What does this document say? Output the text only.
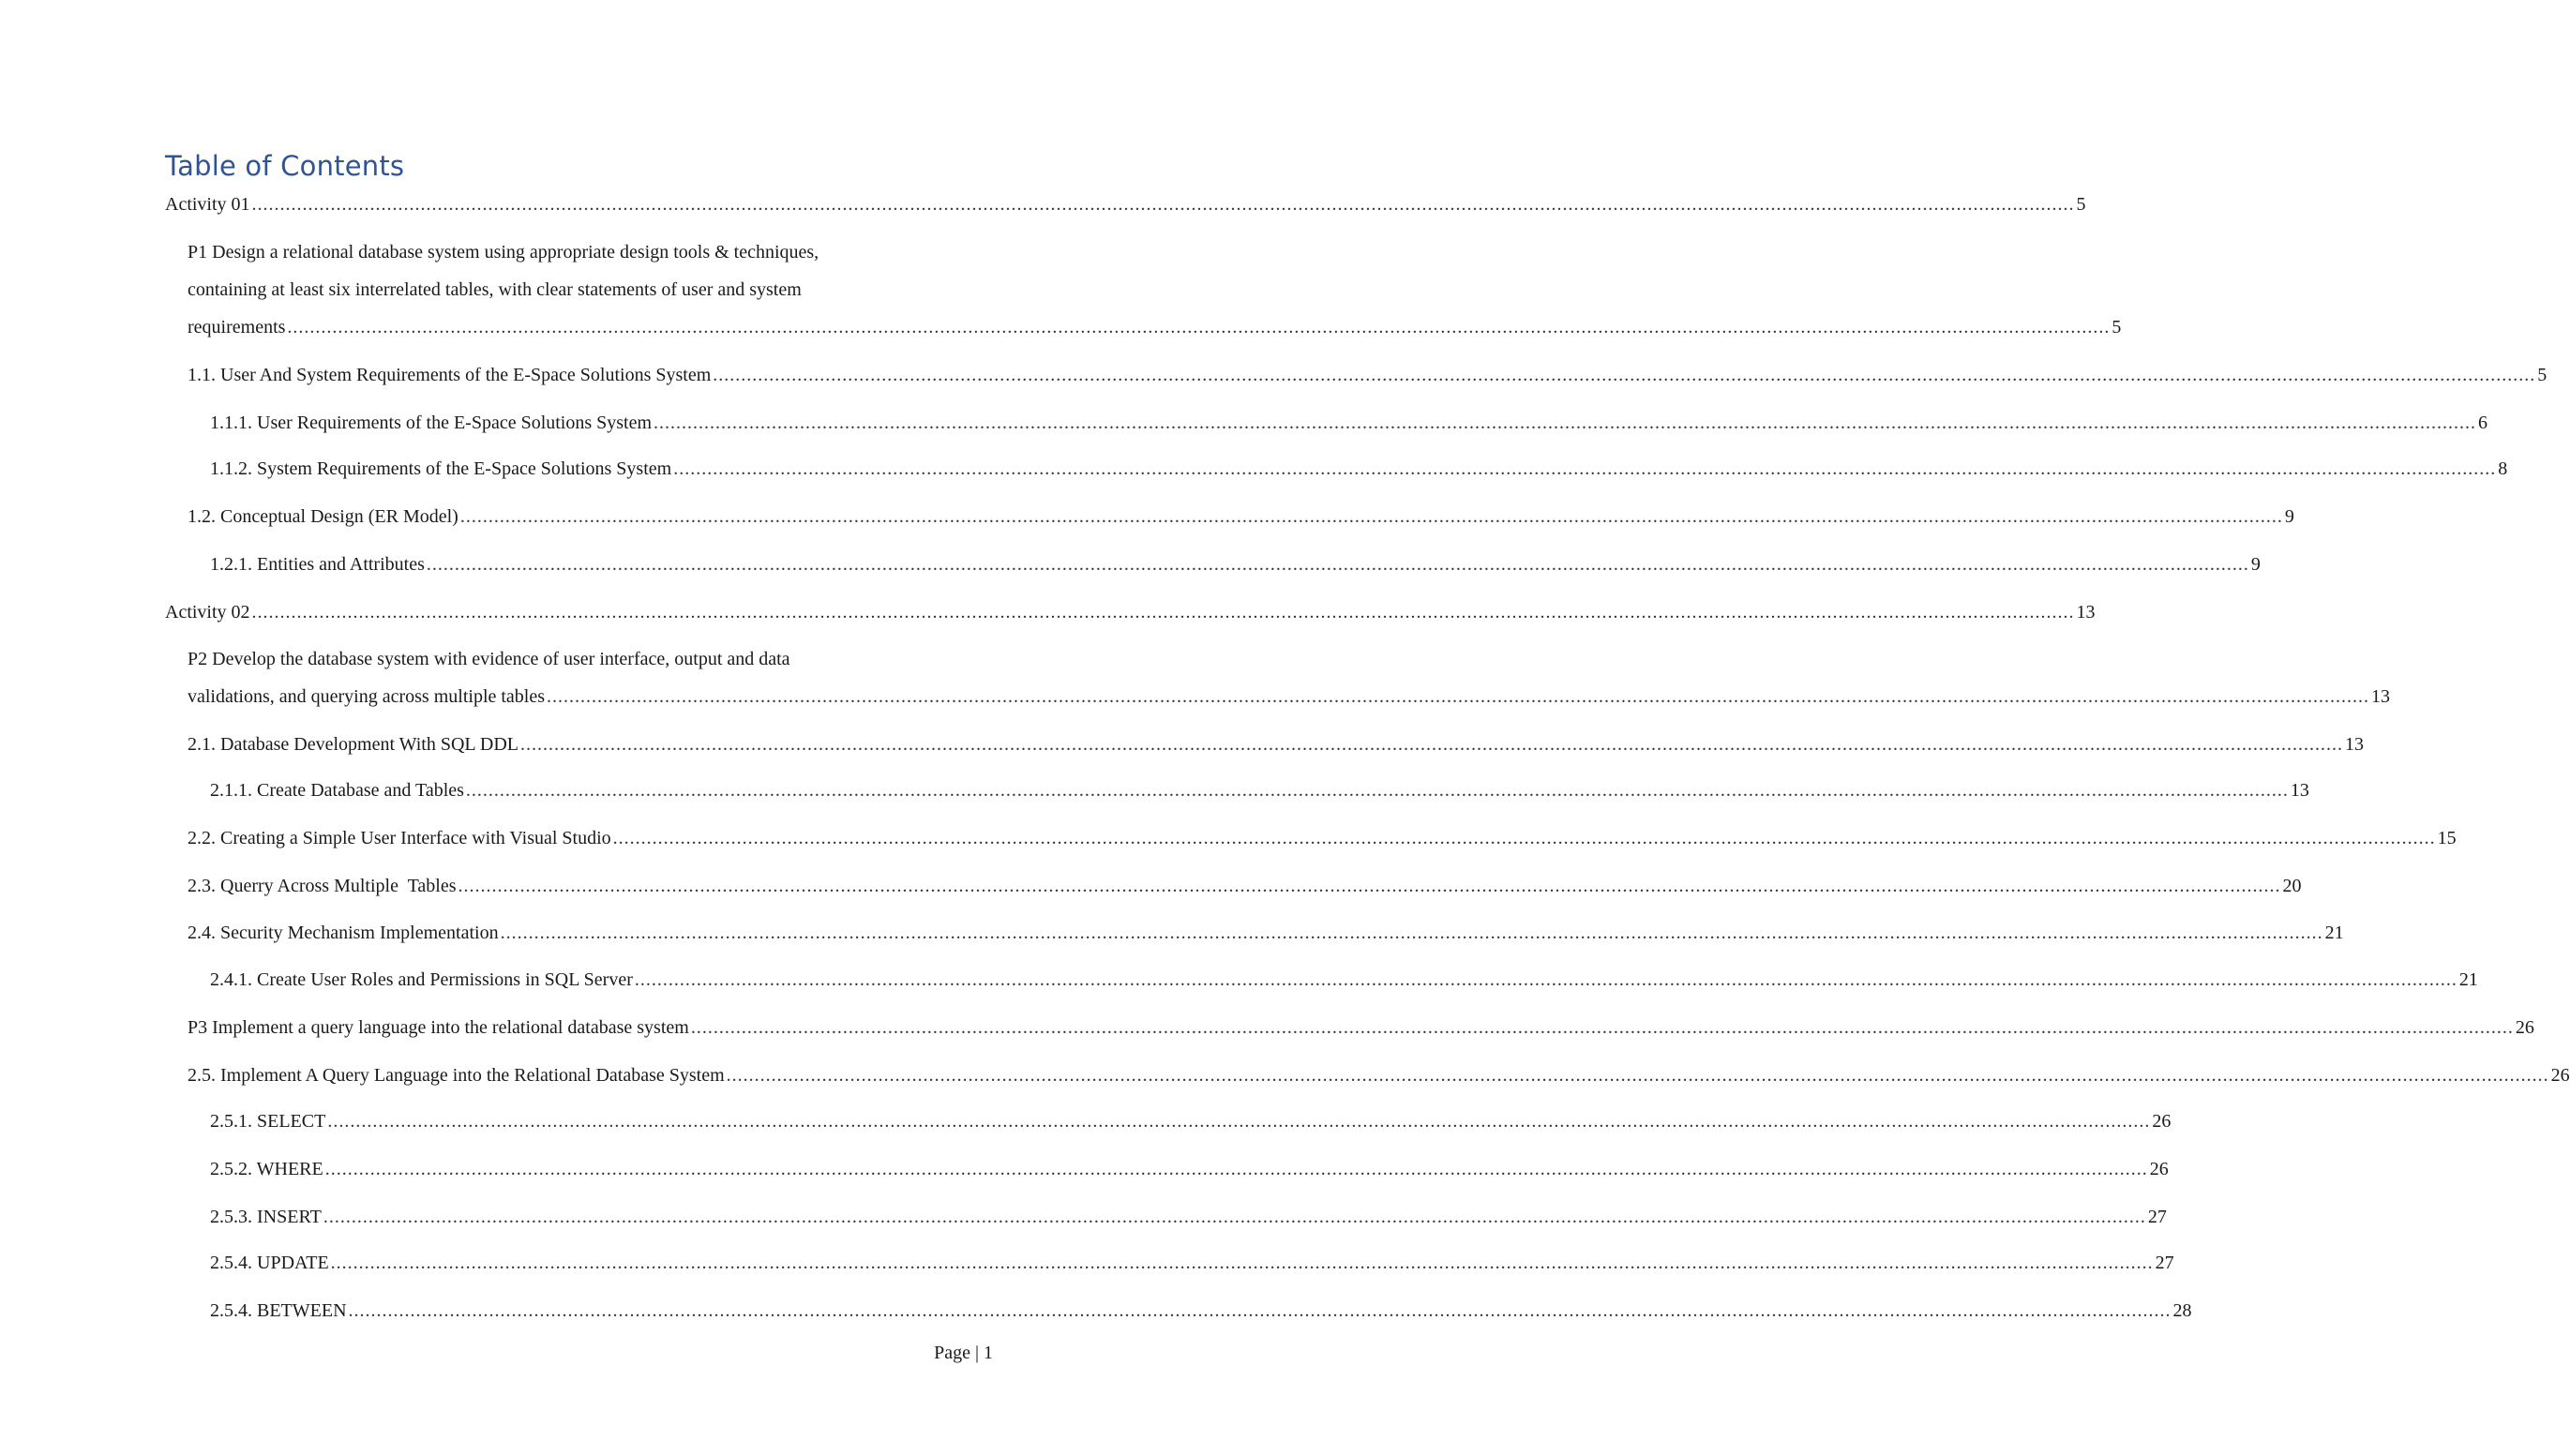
Table of Contents
Activity 01 .....	5
P1 Design a relational database system using appropriate design tools & techniques,
containing at least six interrelated tables, with clear statements of user and system
requirements .....	5
1.1. User And System Requirements of the E-Space Solutions System .....	5
1.1.1. User Requirements of the E-Space Solutions System .....	6
1.1.2. System Requirements of the E-Space Solutions System .....	8
1.2. Conceptual Design (ER Model) .....	9
1.2.1. Entities and Attributes .....	9
Activity 02 .....	13
P2 Develop the database system with evidence of user interface, output and data
validations, and querying across multiple tables .....	13
2.1. Database Development With SQL DDL .....	13
2.1.1. Create Database and Tables .....	13
2.2. Creating a Simple User Interface with Visual Studio .....	15
2.3. Querry Across Multiple  Tables .....	20
2.4. Security Mechanism Implementation .....	21
2.4.1. Create User Roles and Permissions in SQL Server .....	21
P3 Implement a query language into the relational database system .....	26
2.5. Implement A Query Language into the Relational Database System .....	26
2.5.1. SELECT .....	26
2.5.2. WHERE .....	26
2.5.3. INSERT .....	27
2.5.4. UPDATE .....	27
2.5.4. BETWEEN .....	28
Page | 1
